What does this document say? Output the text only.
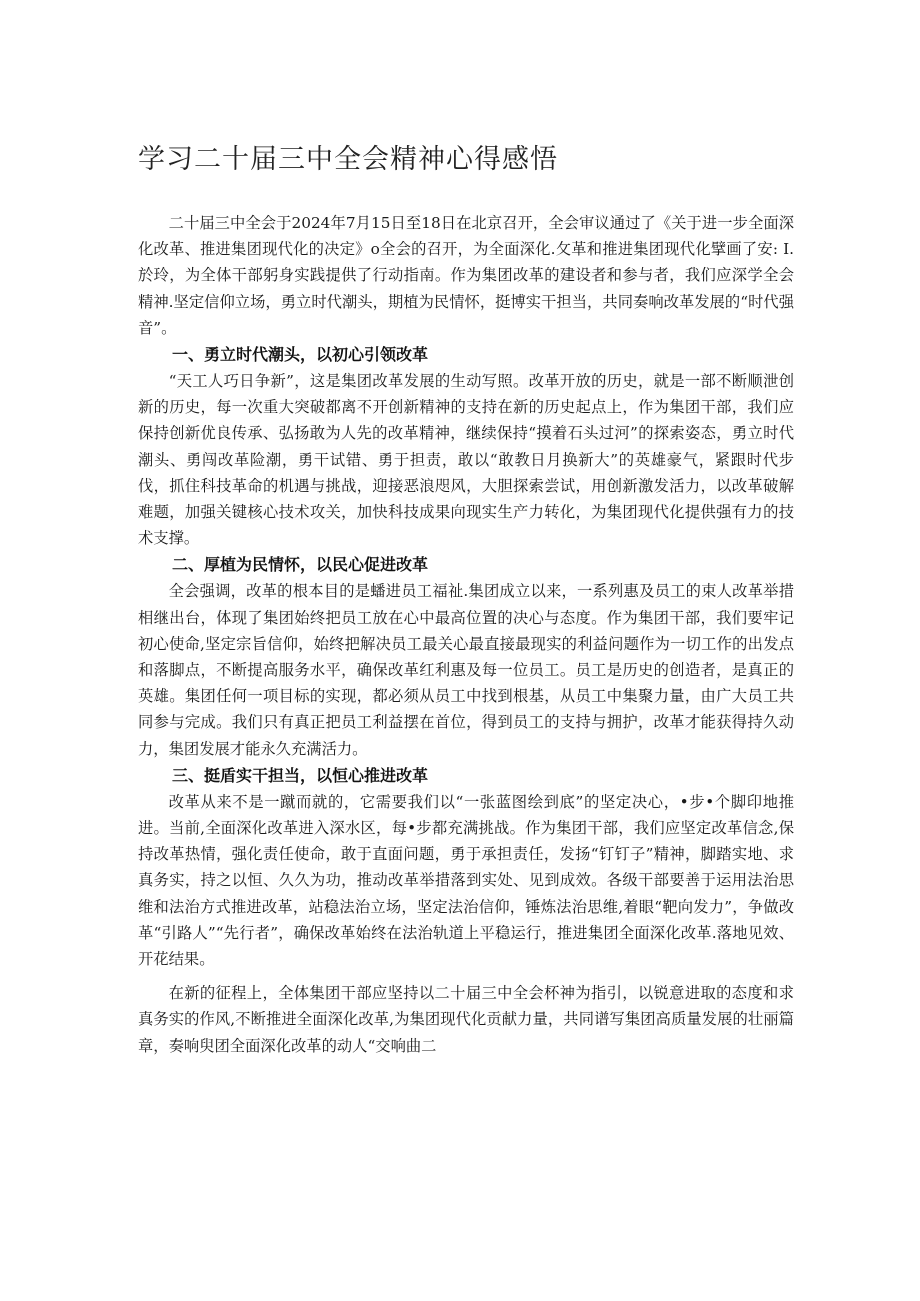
学习二十届三中全会精神心得感悟

二十届三中全会于2024年7月15日至18日在北京召开，全会审议通过了《关于进一步全面深化改革、推进集团现代化的决定》o全会的召开，为全面深化.攵革和推进集团现代化擘画了安: I. 於玲，为全体干部躬身实践提供了行动指南。作为集团改革的建设者和参与者，我们应深学全会精神.坚定信仰立场，勇立时代潮头，期植为民情怀，挺博实干担当，共同奏响改革发展的“时代强音”。

一、勇立时代潮头，以初心引领改革

“天工人巧日争新”，这是集团改革发展的生动写照。改革开放的历史，就是一部不断顺泄创新的历史，每一次重大突破都离不开创新精神的支持在新的历史起点上，作为集团干部，我们应保持创新优良传承、弘扬敢为人先的改革精神，继续保持“摸着石头过河”的探索姿态，勇立时代潮头、勇闯改革险潮，勇干试错、勇于担责，敢以“敢教日月换新大”的英雄豪气，紧跟时代步伐，抓住科技革命的机遇与挑战，迎接恶浪咫风，大胆探索尝试，用创新激发活力，以改革破解难题，加强关键核心技术攻关，加快科技成果向现实生产力转化，为集团现代化提供强有力的技术支撑。

二、厚植为民情怀，以民心促进改革

全会强调，改革的根本目的是蟠进员工福祉.集团成立以来，一系列惠及员工的束人改革举措相继出台，体现了集团始终把员工放在心中最高位置的决心与态度。作为集团干部，我们要牢记初心使命,坚定宗旨信仰，始终把解决员工最关心最直接最现实的利益问题作为一切工作的出发点和落脚点，不断提高服务水平，确保改革红利惠及每一位员工。员工是历史的创造者，是真正的英雄。集团任何一项目标的实现，都必须从员工中找到根基，从员工中集聚力量，由广大员工共同参与完成。我们只有真正把员工利益摆在首位，得到员工的支持与拥护，改革才能获得持久动力，集团发展才能永久充满活力。

三、挺盾实干担当，以恒心推进改革

改革从来不是一蹴而就的，它需要我们以“一张蓝图绘到底”的坚定决心，•步•个脚印地推进。当前,全面深化改革进入深水区，每•步都充满挑战。作为集团干部，我们应坚定改革信念,保持改革热情，强化责任使命，敢于直面问题，勇于承担责任，发扬“钉钉子”精神，脚踏实地、求真务实，持之以恒、久久为功，推动改革举措落到实处、见到成效。各级干部要善于运用法治思维和法治方式推进改革，站稳法治立场，坚定法治信仰，锤炼法治思维,着眼“靶向发力”，争做改革“引路人”“先行者”，确保改革始终在法治轨道上平稳运行，推进集团全面深化改革.落地见效、开花结果。

在新的征程上，全体集团干部应坚持以二十届三中全会杯神为指引，以锐意进取的态度和求真务实的作风,不断推进全面深化改革,为集团现代化贡献力量，共同谱写集团高质量发展的壮丽篇章，奏响臾团全面深化改革的动人“交响曲二
